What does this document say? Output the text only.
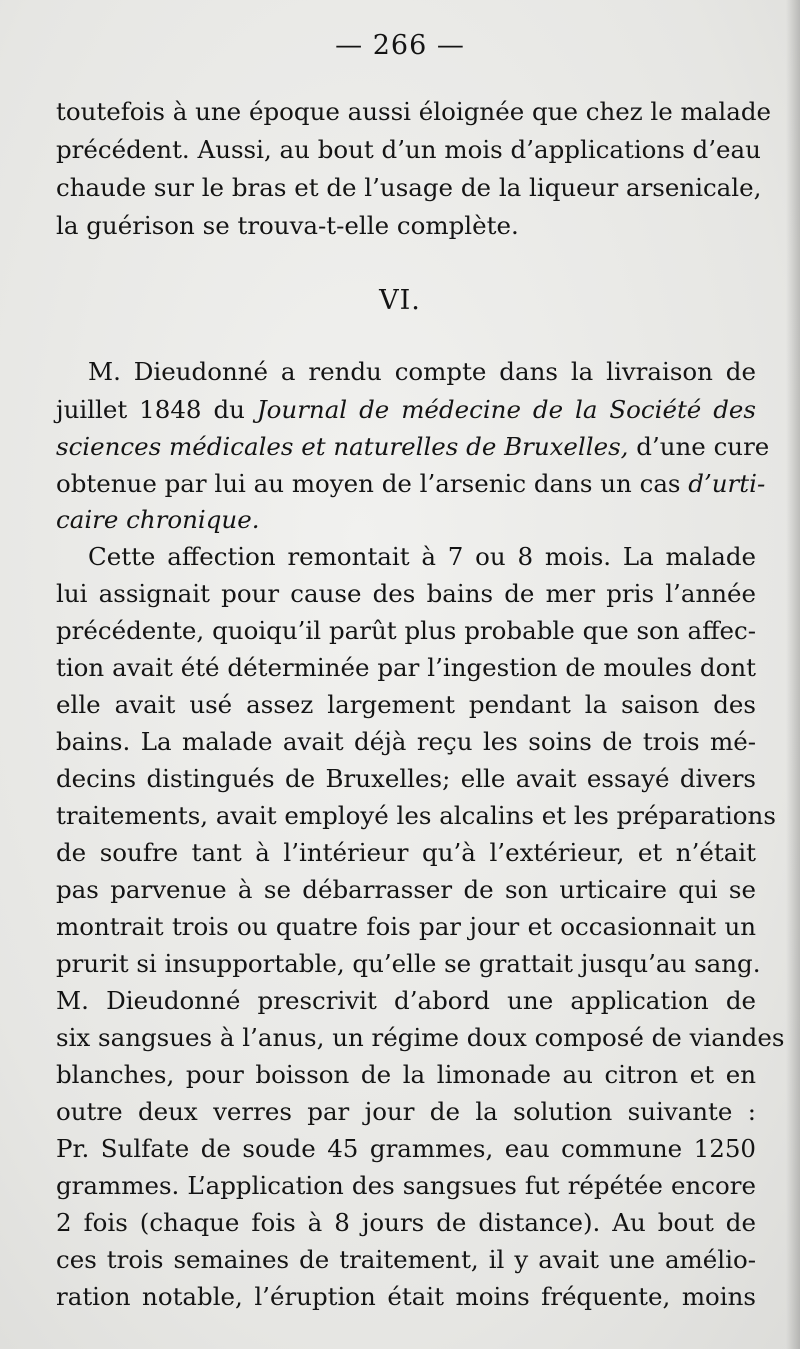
— 266 —
toutefois à une époque aussi éloignée que chez le malade
précédent. Aussi, au bout d’un mois d’applications d’eau
chaude sur le bras et de l’usage de la liqueur arsenicale,
la guérison se trouva-t-elle complète.
VI.
M. Dieudonné a rendu compte dans la livraison de
juillet 1848 du Journal de médecine de la Société des
sciences médicales et naturelles de Bruxelles, d’une cure
obtenue par lui au moyen de l’arsenic dans un cas d’urti-
caire chronique.
Cette affection remontait à 7 ou 8 mois. La malade
lui assignait pour cause des bains de mer pris l’année
précédente, quoiqu’il parût plus probable que son affec-
tion avait été déterminée par l’ingestion de moules dont
elle avait usé assez largement pendant la saison des
bains. La malade avait déjà reçu les soins de trois mé-
decins distingués de Bruxelles; elle avait essayé divers
traitements, avait employé les alcalins et les préparations
de soufre tant à l’intérieur qu’à l’extérieur, et n’était
pas parvenue à se débarrasser de son urticaire qui se
montrait trois ou quatre fois par jour et occasionnait un
prurit si insupportable, qu’elle se grattait jusqu’au sang.
M. Dieudonné prescrivit d’abord une application de
six sangsues à l’anus, un régime doux composé de viandes
blanches, pour boisson de la limonade au citron et en
outre deux verres par jour de la solution suivante :
Pr. Sulfate de soude 45 grammes, eau commune 1250
grammes. L’application des sangsues fut répétée encore
2 fois (chaque fois à 8 jours de distance). Au bout de
ces trois semaines de traitement, il y avait une amélio-
ration notable, l’éruption était moins fréquente, moins
